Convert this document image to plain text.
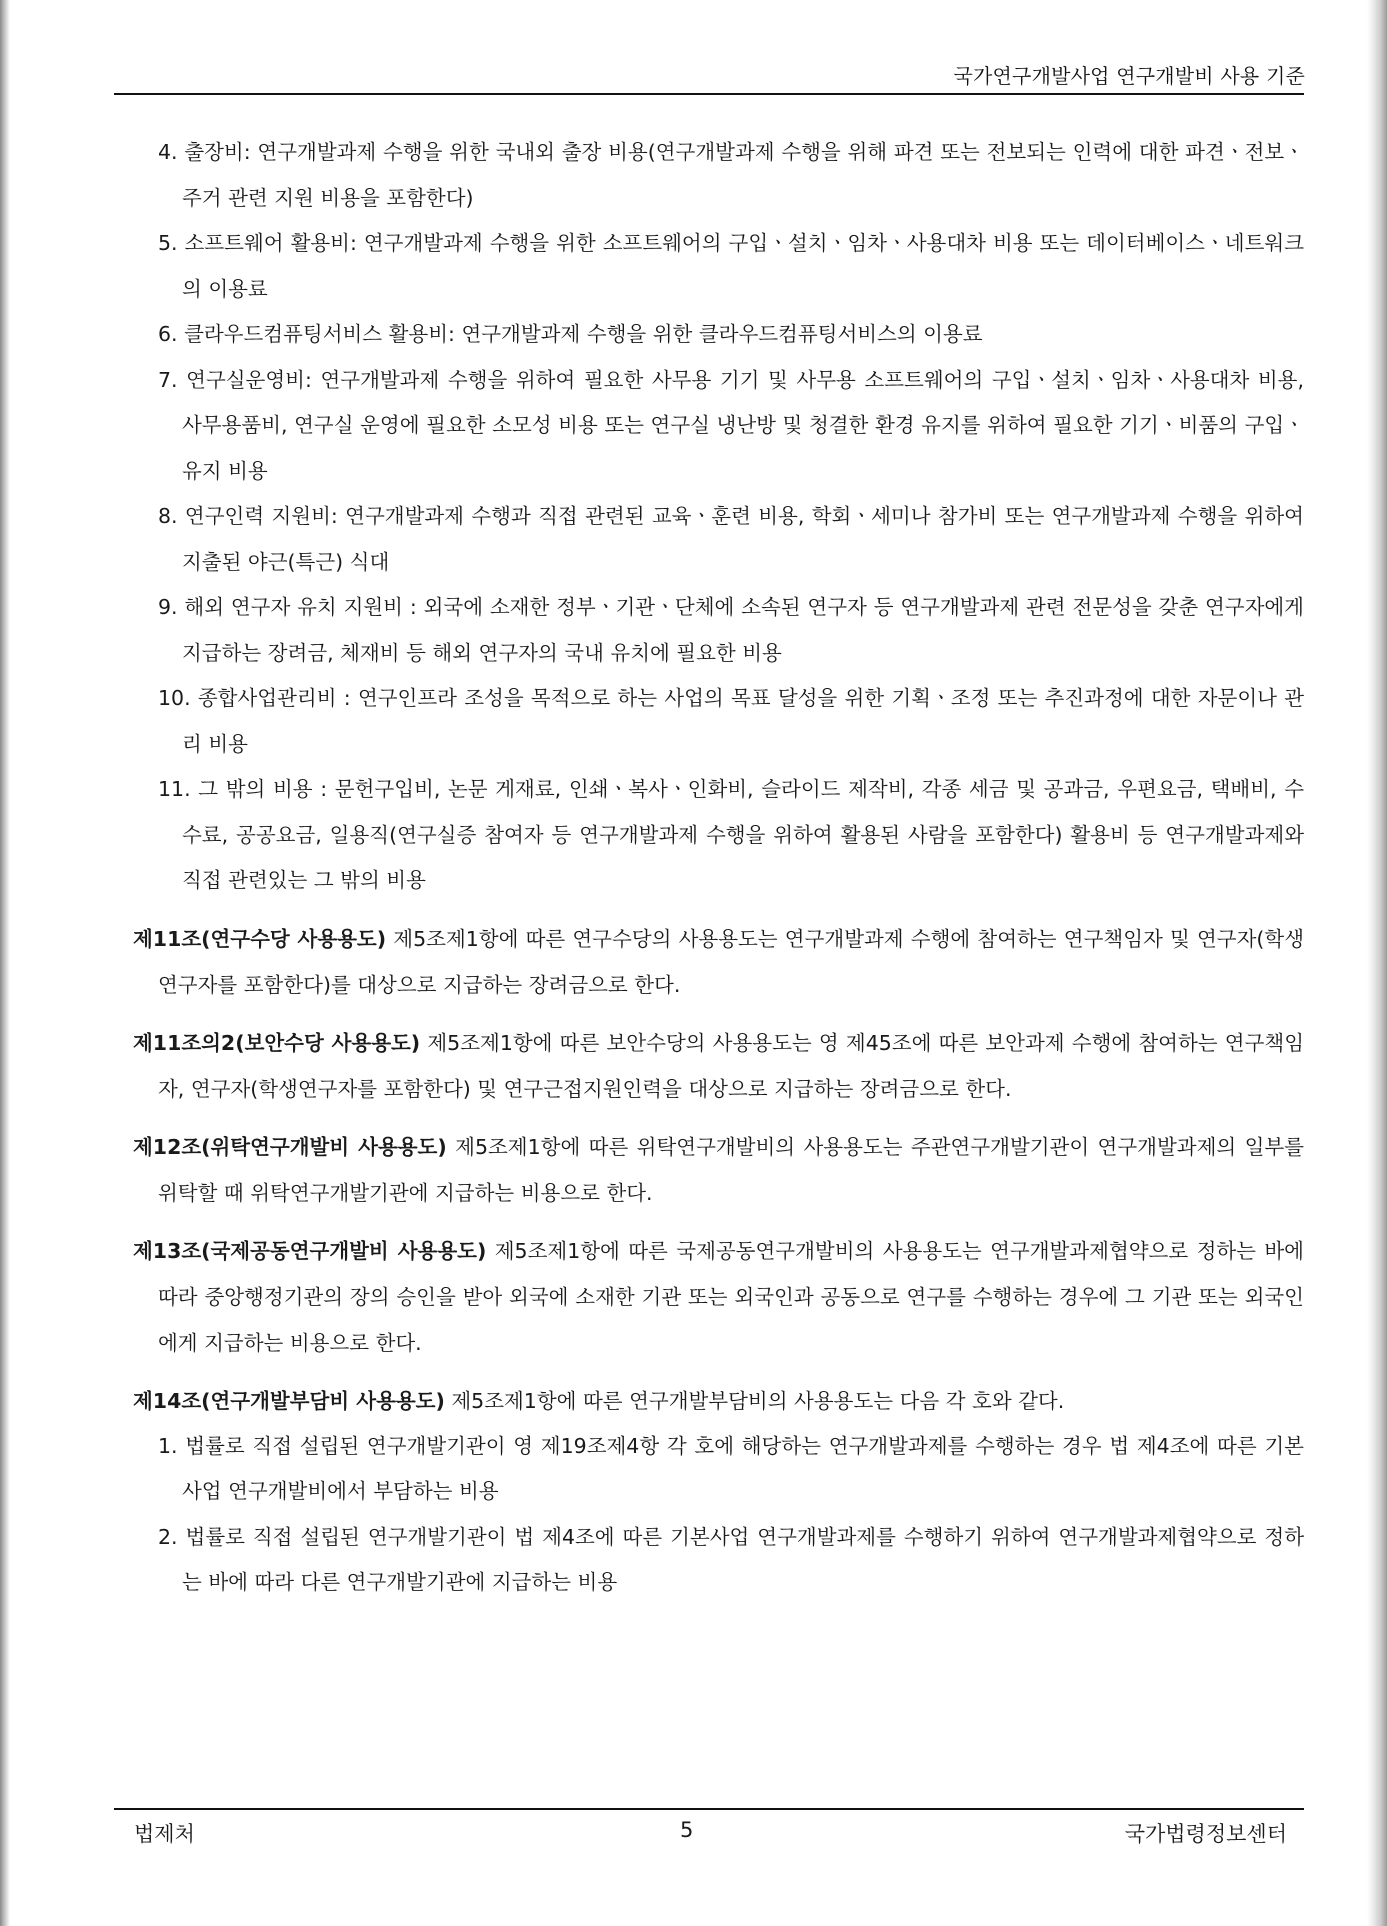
국가연구개발사업 연구개발비 사용 기준
4. 출장비: 연구개발과제 수행을 위한 국내외 출장 비용(연구개발과제 수행을 위해 파견 또는 전보되는 인력에 대한 파견ㆍ전보ㆍ주거 관련 지원 비용을 포함한다)
5. 소프트웨어 활용비: 연구개발과제 수행을 위한 소프트웨어의 구입ㆍ설치ㆍ임차ㆍ사용대차 비용 또는 데이터베이스ㆍ네트워크의 이용료
6. 클라우드컴퓨팅서비스 활용비: 연구개발과제 수행을 위한 클라우드컴퓨팅서비스의 이용료
7. 연구실운영비: 연구개발과제 수행을 위하여 필요한 사무용 기기 및 사무용 소프트웨어의 구입ㆍ설치ㆍ임차ㆍ사용대차 비용, 사무용품비, 연구실 운영에 필요한 소모성 비용 또는 연구실 냉난방 및 청결한 환경 유지를 위하여 필요한 기기ㆍ비품의 구입ㆍ유지 비용
8. 연구인력 지원비: 연구개발과제 수행과 직접 관련된 교육ㆍ훈련 비용, 학회ㆍ세미나 참가비 또는 연구개발과제 수행을 위하여 지출된 야근(특근) 식대
9. 해외 연구자 유치 지원비 : 외국에 소재한 정부ㆍ기관ㆍ단체에 소속된 연구자 등 연구개발과제 관련 전문성을 갖춘 연구자에게 지급하는 장려금, 체재비 등 해외 연구자의 국내 유치에 필요한 비용
10. 종합사업관리비 : 연구인프라 조성을 목적으로 하는 사업의 목표 달성을 위한 기획ㆍ조정 또는 추진과정에 대한 자문이나 관리 비용
11. 그 밖의 비용 : 문헌구입비, 논문 게재료, 인쇄ㆍ복사ㆍ인화비, 슬라이드 제작비, 각종 세금 및 공과금, 우편요금, 택배비, 수수료, 공공요금, 일용직(연구실증 참여자 등 연구개발과제 수행을 위하여 활용된 사람을 포함한다) 활용비 등 연구개발과제와 직접 관련있는 그 밖의 비용
제11조(연구수당 사용용도) 제5조제1항에 따른 연구수당의 사용용도는 연구개발과제 수행에 참여하는 연구책임자 및 연구자(학생연구자를 포함한다)를 대상으로 지급하는 장려금으로 한다.
제11조의2(보안수당 사용용도) 제5조제1항에 따른 보안수당의 사용용도는 영 제45조에 따른 보안과제 수행에 참여하는 연구책임자, 연구자(학생연구자를 포함한다) 및 연구근접지원인력을 대상으로 지급하는 장려금으로 한다.
제12조(위탁연구개발비 사용용도) 제5조제1항에 따른 위탁연구개발비의 사용용도는 주관연구개발기관이 연구개발과제의 일부를 위탁할 때 위탁연구개발기관에 지급하는 비용으로 한다.
제13조(국제공동연구개발비 사용용도) 제5조제1항에 따른 국제공동연구개발비의 사용용도는 연구개발과제협약으로 정하는 바에 따라 중앙행정기관의 장의 승인을 받아 외국에 소재한 기관 또는 외국인과 공동으로 연구를 수행하는 경우에 그 기관 또는 외국인에게 지급하는 비용으로 한다.
제14조(연구개발부담비 사용용도) 제5조제1항에 따른 연구개발부담비의 사용용도는 다음 각 호와 같다.
1. 법률로 직접 설립된 연구개발기관이 영 제19조제4항 각 호에 해당하는 연구개발과제를 수행하는 경우 법 제4조에 따른 기본사업 연구개발비에서 부담하는 비용
2. 법률로 직접 설립된 연구개발기관이 법 제4조에 따른 기본사업 연구개발과제를 수행하기 위하여 연구개발과제협약으로 정하는 바에 따라 다른 연구개발기관에 지급하는 비용
법제처	5	국가법령정보센터
